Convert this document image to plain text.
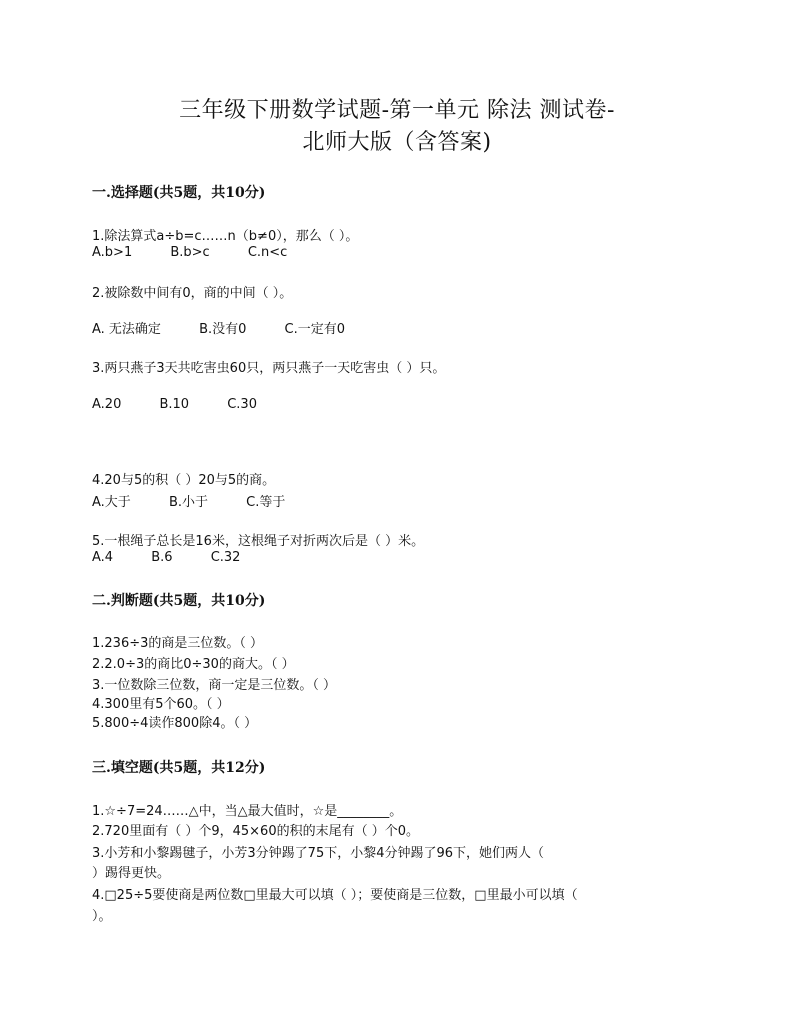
三年级下册数学试题-第一单元 除法 测试卷-
北师大版（含答案)
一.选择题(共5题，共10分)
1.除法算式a÷b=c……n（b≠0），那么（ ）。
A.b>1	B.b>c	C.n<c
2.被除数中间有0，商的中间（ ）。
A. 无法确定	B.没有0	C.一定有0
3.两只燕子3天共吃害虫60只，两只燕子一天吃害虫（ ）只。
A.20	B.10	C.30
4.20与5的积（ ）20与5的商。
A.大于	B.小于	C.等于
5.一根绳子总长是16米，这根绳子对折两次后是（ ）米。
A.4	B.6	C.32
二.判断题(共5题，共10分)
1.236÷3的商是三位数。（ ）
2.2.0÷3的商比0÷30的商大。（ ）
3.一位数除三位数，商一定是三位数。（ ）
4.300里有5个60。（ ）
5.800÷4读作800除4。（ ）
三.填空题(共5题，共12分)
1.☆÷7=24……△中，当△最大值时，☆是________。
2.720里面有（ ）个9，45×60的积的末尾有（ ）个0。
3.小芳和小黎踢毽子，小芳3分钟踢了75下，小黎4分钟踢了96下，她们两人（
）踢得更快。
4.□25÷5要使商是两位数□里最大可以填（ ）；要使商是三位数，□里最小可以填（
）。
